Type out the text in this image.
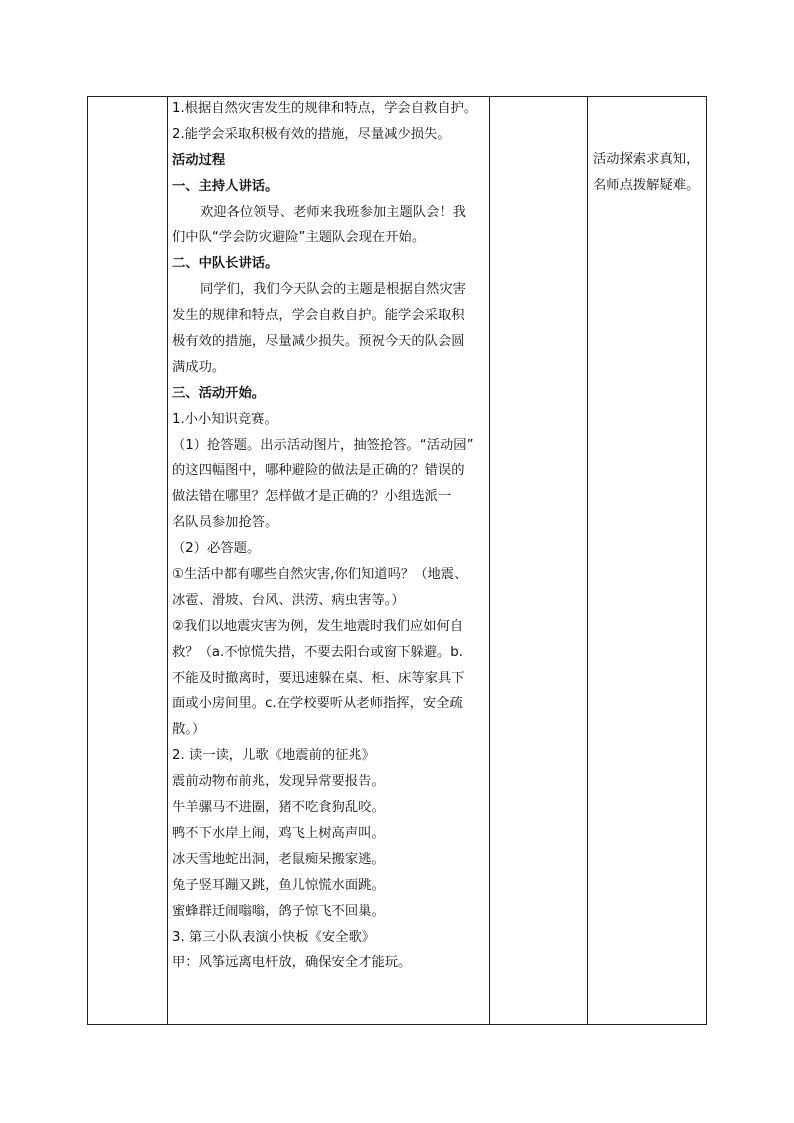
1.根据自然灾害发生的规律和特点，学会自救自护。
2.能学会采取积极有效的措施，尽量减少损失。
活动过程
一、主持人讲话。
欢迎各位领导、老师来我班参加主题队会！我
们中队“学会防灾避险”主题队会现在开始。
二、中队长讲话。
同学们，我们今天队会的主题是根据自然灾害
发生的规律和特点，学会自救自护。能学会采取积
极有效的措施，尽量减少损失。预祝今天的队会圆
满成功。
三、活动开始。
1.小小知识竞赛。
（1）抢答题。出示活动图片，抽签抢答。“活动园”
的这四幅图中，哪种避险的做法是正确的？错误的
做法错在哪里？怎样做才是正确的？小组选派一
名队员参加抢答。
（2）必答题。
①生活中都有哪些自然灾害,你们知道吗？（地震、
冰雹、滑坡、台风、洪涝、病虫害等。）
②我们以地震灾害为例，发生地震时我们应如何自
救？（a.不惊慌失措，不要去阳台或窗下躲避。b.
不能及时撤离时，要迅速躲在桌、柜、床等家具下
面或小房间里。c.在学校要听从老师指挥，安全疏
散。）
2. 读一读，儿歌《地震前的征兆》
震前动物布前兆，发现异常要报告。
牛羊骡马不进圈，猪不吃食狗乱咬。
鸭不下水岸上闹，鸡飞上树高声叫。
冰天雪地蛇出洞，老鼠痴呆搬家逃。
兔子竖耳蹦又跳，鱼儿惊慌水面跳。
蜜蜂群迁闹嗡嗡，鸽子惊飞不回巢。
3. 第三小队表演小快板《安全歌》
甲：风筝远离电杆放，确保安全才能玩。
活动探索求真知，
名师点拨解疑难。
